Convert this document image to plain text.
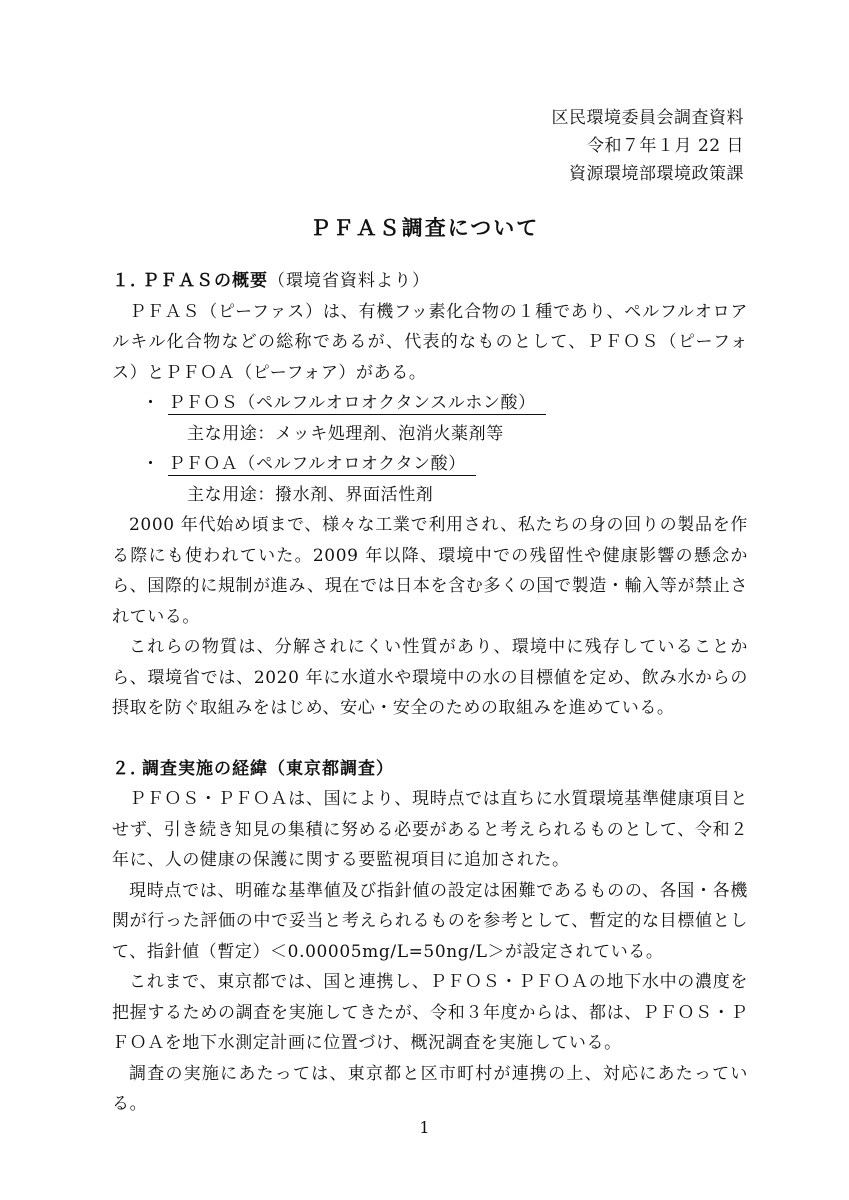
区民環境委員会調査資料
令和７年１月 22 日
資源環境部環境政策課
ＰＦＡＳ調査について
１．ＰＦＡＳの概要（環境省資料より）

ＰＦＡＳ（ピーファス）は、有機フッ素化合物の１種であり、ペルフルオロアルキル化合物などの総称であるが、代表的なものとして、ＰＦＯＳ（ピーフォス）とＰＦＯＡ（ピーフォア）がある。

・ ＰＦＯＳ（ペルフルオロオクタンスルホン酸）
主な用途：メッキ処理剤、泡消火薬剤等
・ ＰＦＯＡ（ペルフルオロオクタン酸）
主な用途：撥水剤、界面活性剤

2000 年代始め頃まで、様々な工業で利用され、私たちの身の回りの製品を作る際にも使われていた。2009 年以降、環境中での残留性や健康影響の懸念から、国際的に規制が進み、現在では日本を含む多くの国で製造・輸入等が禁止されている。

これらの物質は、分解されにくい性質があり、環境中に残存していることから、環境省では、2020 年に水道水や環境中の水の目標値を定め、飲み水からの摂取を防ぐ取組みをはじめ、安心・安全のための取組みを進めている。

２．調査実施の経緯（東京都調査）

ＰＦＯＳ・ＰＦＯＡは、国により、現時点では直ちに水質環境基準健康項目とせず、引き続き知見の集積に努める必要があると考えられるものとして、令和２年に、人の健康の保護に関する要監視項目に追加された。

現時点では、明確な基準値及び指針値の設定は困難であるものの、各国・各機関が行った評価の中で妥当と考えられるものを参考として、暫定的な目標値として、指針値（暫定）＜0.00005mg/L=50ng/L＞が設定されている。

これまで、東京都では、国と連携し、ＰＦＯＳ・ＰＦＯＡの地下水中の濃度を把握するための調査を実施してきたが、令和３年度からは、都は、ＰＦＯＳ・ＰＦＯＡを地下水測定計画に位置づけ、概況調査を実施している。

調査の実施にあたっては、東京都と区市町村が連携の上、対応にあたっている。

1
